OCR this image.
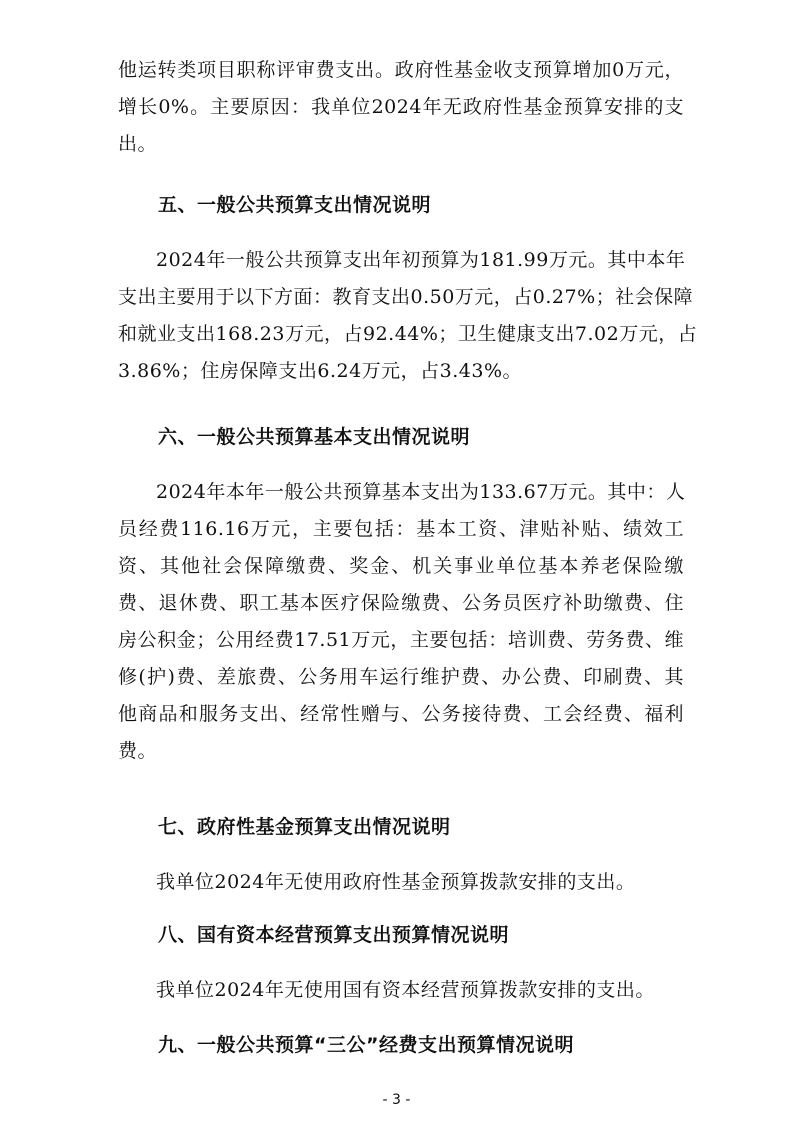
他运转类项目职称评审费支出。政府性基金收支预算增加0万元，
增长0%。主要原因：我单位2024年无政府性基金预算安排的支
出。
五、一般公共预算支出情况说明
2024年一般公共预算支出年初预算为181.99万元。其中本年
支出主要用于以下方面：教育支出0.50万元，占0.27%；社会保障
和就业支出168.23万元，占92.44%；卫生健康支出7.02万元，占
3.86%；住房保障支出6.24万元，占3.43%。
六、一般公共预算基本支出情况说明
2024年本年一般公共预算基本支出为133.67万元。其中：人
员经费116.16万元，主要包括：基本工资、津贴补贴、绩效工
资、其他社会保障缴费、奖金、机关事业单位基本养老保险缴
费、退休费、职工基本医疗保险缴费、公务员医疗补助缴费、住
房公积金；公用经费17.51万元，主要包括：培训费、劳务费、维
修(护)费、差旅费、公务用车运行维护费、办公费、印刷费、其
他商品和服务支出、经常性赠与、公务接待费、工会经费、福利
费。
七、政府性基金预算支出情况说明
我单位2024年无使用政府性基金预算拨款安排的支出。
八、国有资本经营预算支出预算情况说明
我单位2024年无使用国有资本经营预算拨款安排的支出。
九、一般公共预算“三公”经费支出预算情况说明
- 3 -
